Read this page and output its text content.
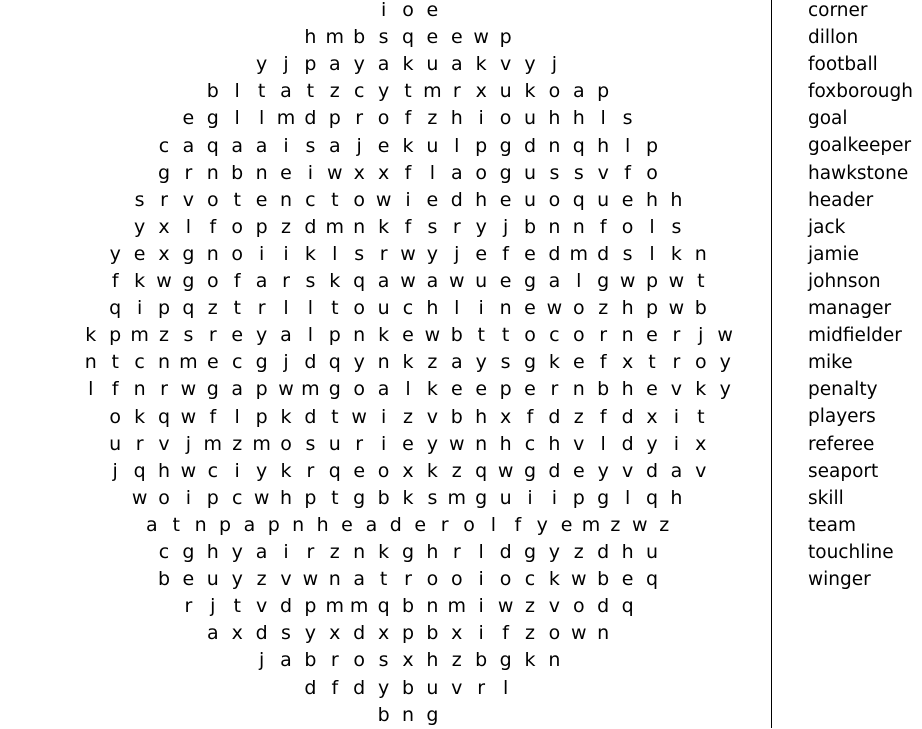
i o e
h m b s q e e w p
y j p a y a k u a k v y j
b l t a t z c y t m r x u k o a p
e g l	l m d p r o f z h i o u h h l s
c a q a a i s a j e k u l p g d n q h l p
g r n b n e i w x x f l a o g u s s v f o
s r v o t e n c t o w i e d h e u o q u e h h
y x l f o p z d m n k f s r y j b n n f o l s
y e x g n o i	i k l s r w y j e f e d m d s l k n
f k w g o f a r s k q a w a w u e g a l g w p w t
q i p q z t r l	l t o u c h l	i n e w o z h p w b
k p m z s r e y a l p n k e w b t t o c o r n e r j w
n t c n m e c g j d q y n k z a y s g k e f x t r o y
l f n r w g a p w m g o a l k e e p e r n b h e v k y
o k q w f l p k d t w i z v b h x f d z f d x i t
u r v j m z m o s u r i e y w n h c h v l d y i x
j q h w c i y k r q e o x k z q w g d e y v d a v
w o i p c w h p t g b k s m g u i	i p g l q h
a t n p a p n h e a d e r o l f y e m z w z
c g h y a i r z n k g h r l d g y z d h u
b e u y z v w n a t r o o i o c k w b e q
r j t v d p m m q b n m i w z v o d q
a x d s y x d x p b x i f z o w n
j a b r o s x h z b g k n
d f d y b u v r l
b n g
corner
dillon
football
foxborough
goal
goalkeeper
hawkstone
header
jack
jamie
johnson
manager
midfielder
mike
penalty
players
referee
seaport
skill
team
touchline
winger
